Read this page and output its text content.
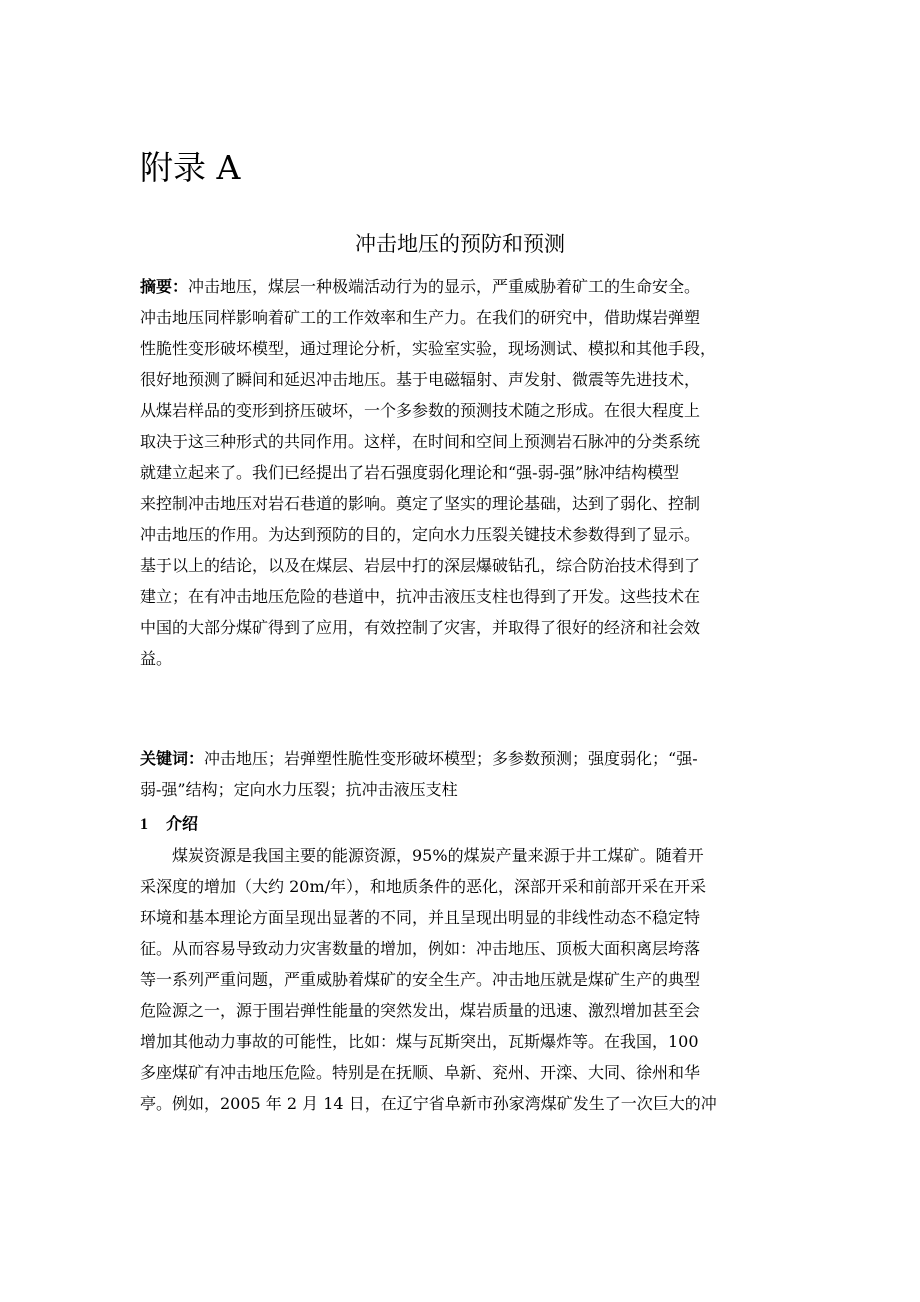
附录 A
冲击地压的预防和预测
摘要：冲击地压，煤层一种极端活动行为的显示，严重威胁着矿工的生命安全。
冲击地压同样影响着矿工的工作效率和生产力。在我们的研究中，借助煤岩弹塑
性脆性变形破坏模型，通过理论分析，实验室实验，现场测试、模拟和其他手段，
很好地预测了瞬间和延迟冲击地压。基于电磁辐射、声发射、微震等先进技术，
从煤岩样品的变形到挤压破坏，一个多参数的预测技术随之形成。在很大程度上
取决于这三种形式的共同作用。这样，在时间和空间上预测岩石脉冲的分类系统
就建立起来了。我们已经提出了岩石强度弱化理论和“强-弱-强”脉冲结构模型
来控制冲击地压对岩石巷道的影响。奠定了坚实的理论基础，达到了弱化、控制
冲击地压的作用。为达到预防的目的，定向水力压裂关键技术参数得到了显示。
基于以上的结论，以及在煤层、岩层中打的深层爆破钻孔，综合防治技术得到了
建立；在有冲击地压危险的巷道中，抗冲击液压支柱也得到了开发。这些技术在
中国的大部分煤矿得到了应用，有效控制了灾害，并取得了很好的经济和社会效
益。
关键词：冲击地压；岩弹塑性脆性变形破坏模型；多参数预测；强度弱化；“强-
弱-强”结构；定向水力压裂；抗冲击液压支柱
1 介绍
煤炭资源是我国主要的能源资源，95%的煤炭产量来源于井工煤矿。随着开
采深度的增加（大约 20m/年），和地质条件的恶化，深部开采和前部开采在开采
环境和基本理论方面呈现出显著的不同，并且呈现出明显的非线性动态不稳定特
征。从而容易导致动力灾害数量的增加，例如：冲击地压、顶板大面积离层垮落
等一系列严重问题，严重威胁着煤矿的安全生产。冲击地压就是煤矿生产的典型
危险源之一，源于围岩弹性能量的突然发出，煤岩质量的迅速、激烈增加甚至会
增加其他动力事故的可能性，比如：煤与瓦斯突出，瓦斯爆炸等。在我国，100
多座煤矿有冲击地压危险。特别是在抚顺、阜新、兖州、开滦、大同、徐州和华
亭。例如，2005 年 2 月 14 日，在辽宁省阜新市孙家湾煤矿发生了一次巨大的冲
